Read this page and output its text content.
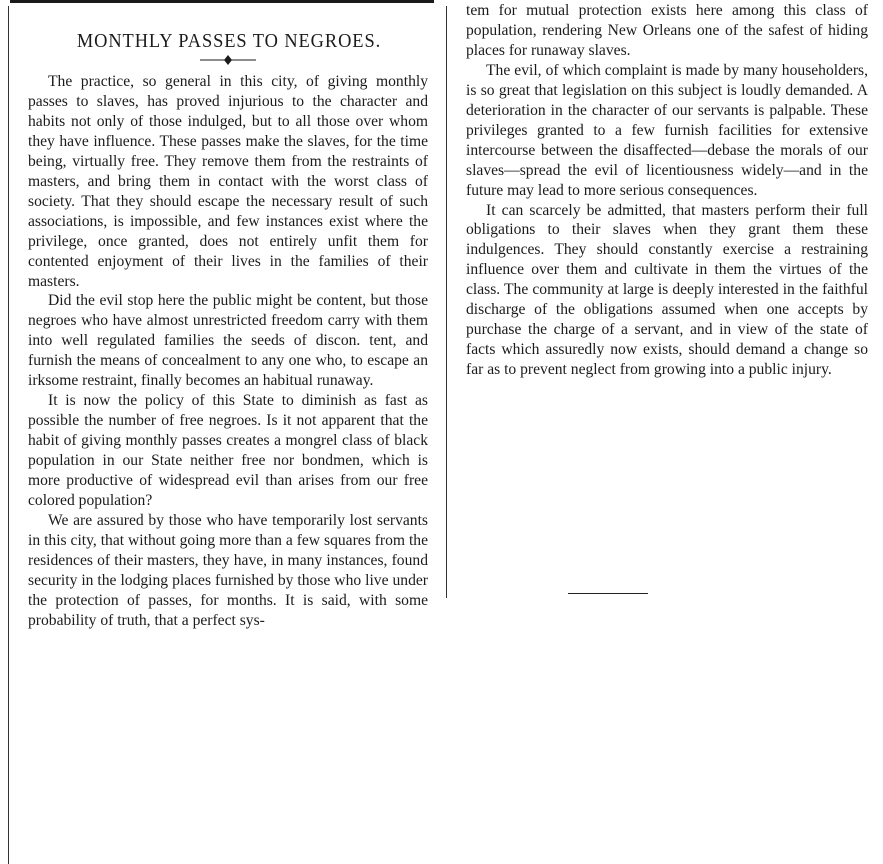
MONTHLY PASSES TO NEGROES.

The practice, so general in this city, of giving monthly passes to slaves, has proved injurious to the character and habits not only of those indulged, but to all those over whom they have influence. These passes make the slaves, for the time being, virtually free. They remove them from the restraints of masters, and bring them in contact with the worst class of society. That they should escape the necessary result of such associations, is impossible, and few instances exist where the privilege, once granted, does not entirely unfit them for contented enjoyment of their lives in the families of their masters.

Did the evil stop here the public might be content, but those negroes who have almost unrestricted freedom carry with them into well regulated families the seeds of discon. tent, and furnish the means of concealment to any one who, to escape an irksome restraint, finally becomes an habitual runaway.

It is now the policy of this State to diminish as fast as possible the number of free negroes. Is it not apparent that the habit of giving monthly passes creates a mongrel class of black population in our State neither free nor bondmen, which is more productive of widespread evil than arises from our free colored population?

We are assured by those who have temporarily lost servants in this city, that without going more than a few squares from the residences of their masters, they have, in many instances, found security in the lodging places furnished by those who live under the protection of passes, for months. It is said, with some probability of truth, that a perfect sys-

tem for mutual protection exists here among this class of population, rendering New Orleans one of the safest of hiding places for runaway slaves.

The evil, of which complaint is made by many householders, is so great that legislation on this subject is loudly demanded. A deterioration in the character of our servants is palpable. These privileges granted to a few furnish facilities for extensive intercourse between the disaffected—debase the morals of our slaves—spread the evil of licentiousness widely—and in the future may lead to more serious consequences.

It can scarcely be admitted, that masters perform their full obligations to their slaves when they grant them these indulgences. They should constantly exercise a restraining influence over them and cultivate in them the virtues of the class. The community at large is deeply interested in the faithful discharge of the obligations assumed when one accepts by purchase the charge of a servant, and in view of the state of facts which assuredly now exists, should demand a change so far as to prevent neglect from growing into a public injury.
